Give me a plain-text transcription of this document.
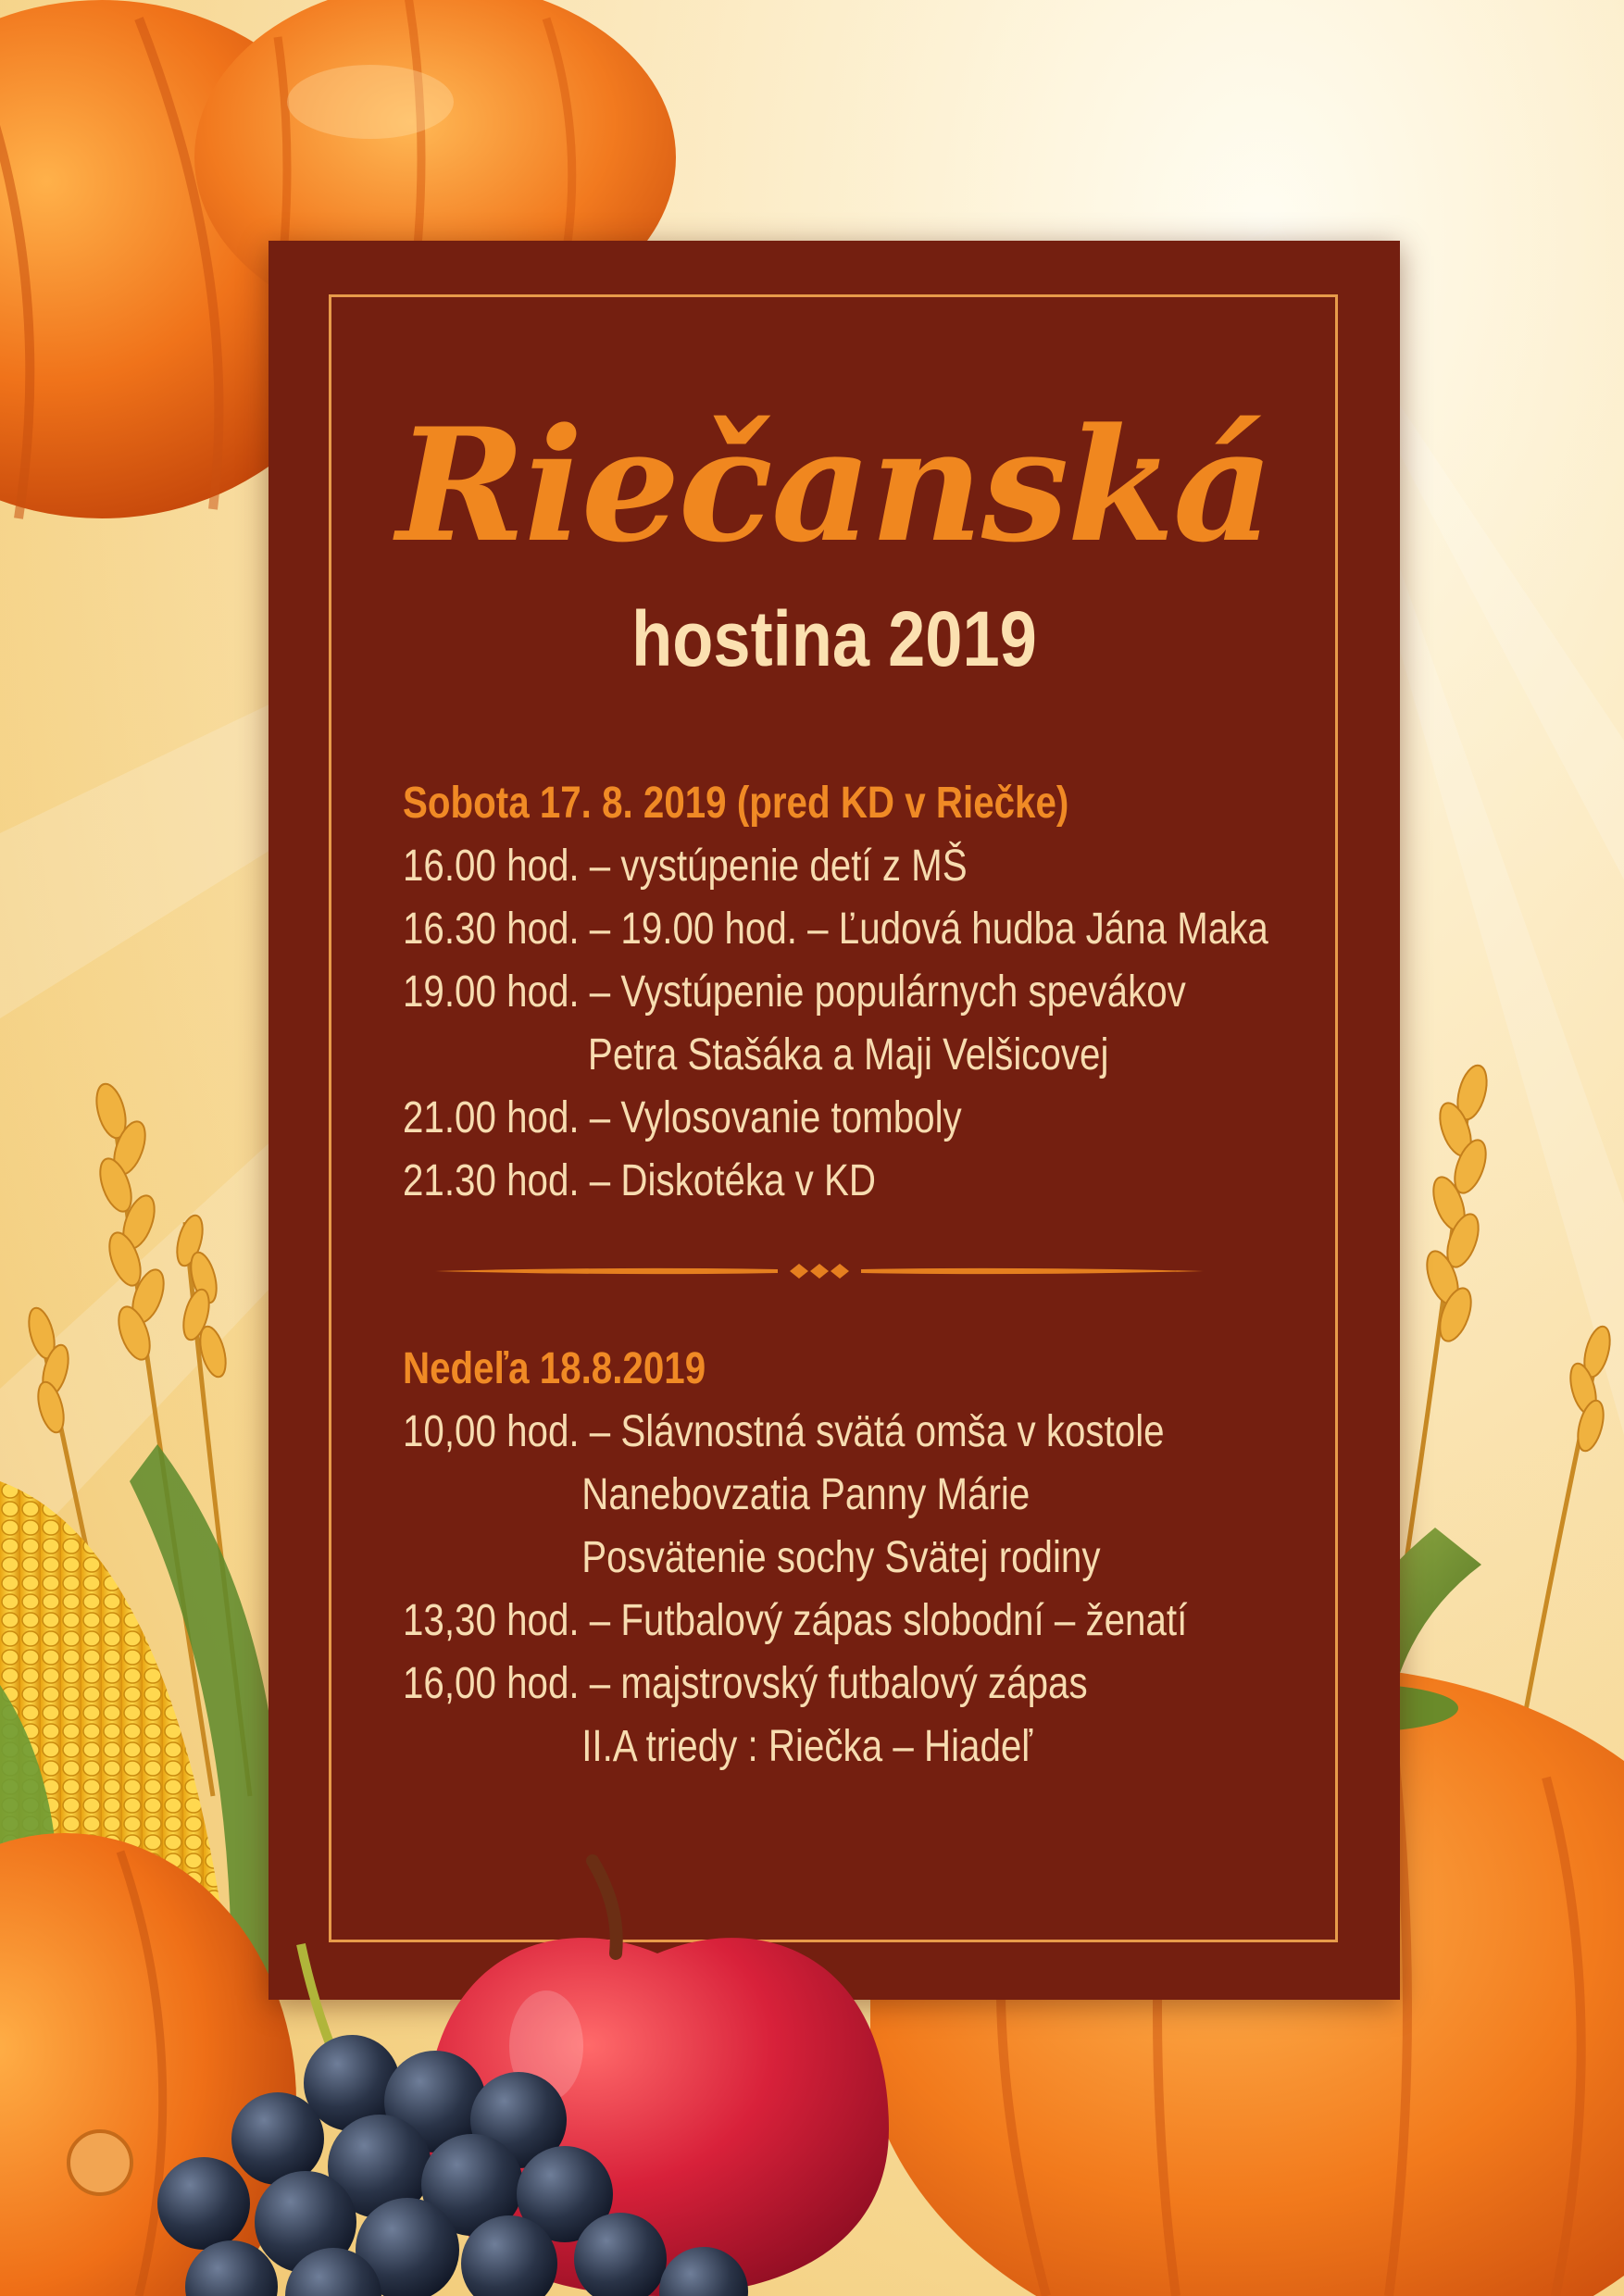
Riečanská
hostina 2019
Sobota 17. 8. 2019 (pred KD v Riečke)
16.00 hod. – vystúpenie detí z MŠ
16.30 hod. – 19.00 hod. – Ľudová hudba Jána Maka
19.00 hod. – Vystúpenie populárnych spevákov
Petra Stašáka a Maji Velšicovej
21.00 hod. – Vylosovanie tomboly
21.30 hod. – Diskotéka v KD
Nedeľa 18.8.2019
10,00 hod. – Slávnostná svätá omša v kostole
Nanebovzatia Panny Márie
Posvätenie sochy Svätej rodiny
13,30 hod. – Futbalový zápas slobodní – ženatí
16,00 hod. – majstrovský futbalový zápas
II.A triedy : Riečka – Hiadeľ
